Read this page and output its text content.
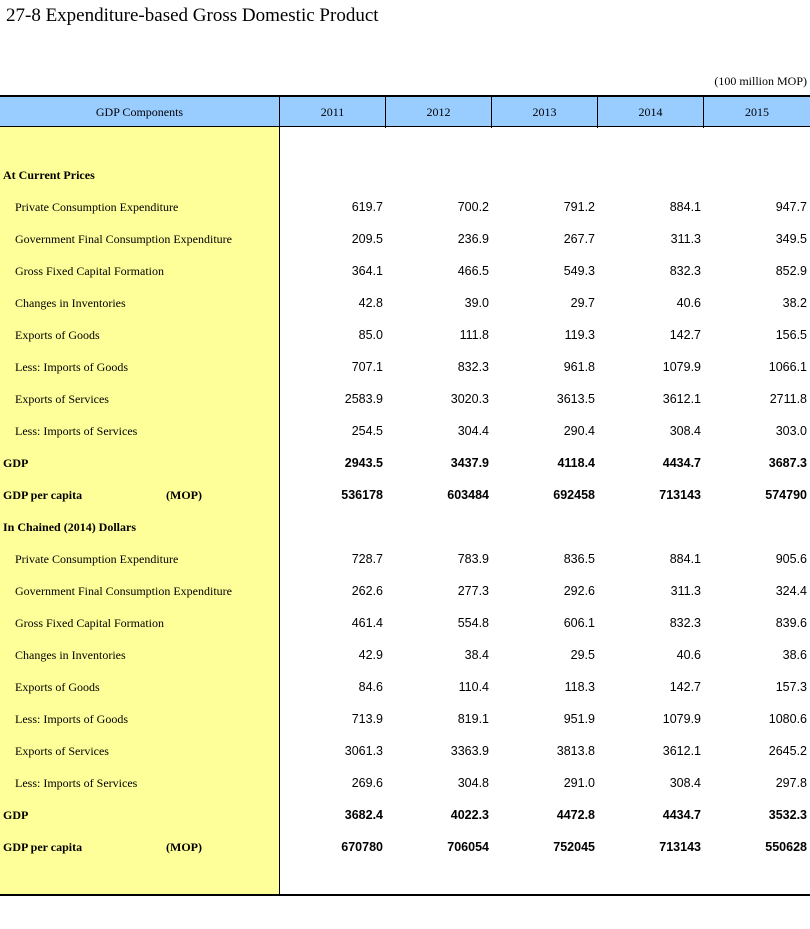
27-8 Expenditure-based Gross Domestic Product
(100 million MOP)
GDP Components	2011	2012	2013	2014	2015
At Current Prices
Private Consumption Expenditure	619.7	700.2	791.2	884.1	947.7
Government Final Consumption Expenditure	209.5	236.9	267.7	311.3	349.5
Gross Fixed Capital Formation	364.1	466.5	549.3	832.3	852.9
Changes in Inventories	42.8	39.0	29.7	40.6	38.2
Exports of Goods	85.0	111.8	119.3	142.7	156.5
Less: Imports of Goods	707.1	832.3	961.8	1079.9	1066.1
Exports of Services	2583.9	3020.3	3613.5	3612.1	2711.8
Less: Imports of Services	254.5	304.4	290.4	308.4	303.0
GDP	2943.5	3437.9	4118.4	4434.7	3687.3
GDP per capita	(MOP)	536178	603484	692458	713143	574790
In Chained (2014) Dollars
Private Consumption Expenditure	728.7	783.9	836.5	884.1	905.6
Government Final Consumption Expenditure	262.6	277.3	292.6	311.3	324.4
Gross Fixed Capital Formation	461.4	554.8	606.1	832.3	839.6
Changes in Inventories	42.9	38.4	29.5	40.6	38.6
Exports of Goods	84.6	110.4	118.3	142.7	157.3
Less: Imports of Goods	713.9	819.1	951.9	1079.9	1080.6
Exports of Services	3061.3	3363.9	3813.8	3612.1	2645.2
Less: Imports of Services	269.6	304.8	291.0	308.4	297.8
GDP	3682.4	4022.3	4472.8	4434.7	3532.3
GDP per capita	(MOP)	670780	706054	752045	713143	550628
